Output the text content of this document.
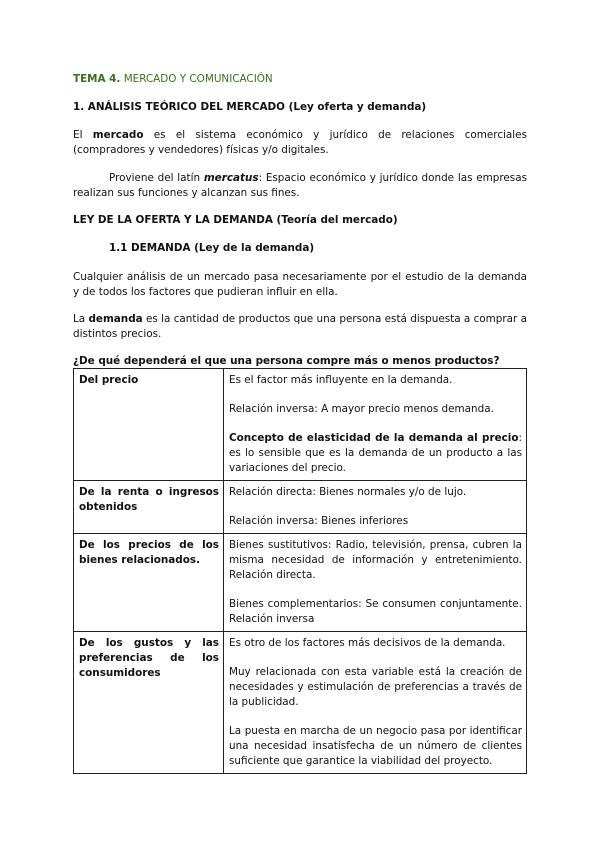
TEMA 4. MERCADO Y COMUNICACIÓN
1. ANÁLISIS TEÓRICO DEL MERCADO (Ley oferta y demanda)
El mercado es el sistema económico y jurídico de relaciones comerciales (compradores y vendedores) físicas y/o digitales.
Proviene del latín mercatus: Espacio económico y jurídico donde las empresas realizan sus funciones y alcanzan sus fines.
LEY DE LA OFERTA Y LA DEMANDA (Teoría del mercado)
1.1 DEMANDA (Ley de la demanda)
Cualquier análisis de un mercado pasa necesariamente por el estudio de la demanda y de todos los factores que pudieran influir en ella.
La demanda es la cantidad de productos que una persona está dispuesta a comprar a distintos precios.
¿De qué dependerá el que una persona compre más o menos productos?
Del precio	Es el factor más influyente en la demanda.

Relación inversa: A mayor precio menos demanda.

Concepto de elasticidad de la demanda al precio: es lo sensible que es la demanda de un producto a las variaciones del precio.

De la renta o ingresos obtenidos	Relación directa: Bienes normales y/o de lujo.

Relación inversa: Bienes inferiores

De los precios de los bienes relacionados.	Bienes sustitutivos: Radio, televisión, prensa, cubren la misma necesidad de información y entretenimiento. Relación directa.

Bienes complementarios: Se consumen conjuntamente. Relación inversa

De los gustos y las preferencias de los consumidores	Es otro de los factores más decisivos de la demanda.

Muy relacionada con esta variable está la creación de necesidades y estimulación de preferencias a través de la publicidad.

La puesta en marcha de un negocio pasa por identificar una necesidad insatisfecha de un número de clientes suficiente que garantice la viabilidad del proyecto.
